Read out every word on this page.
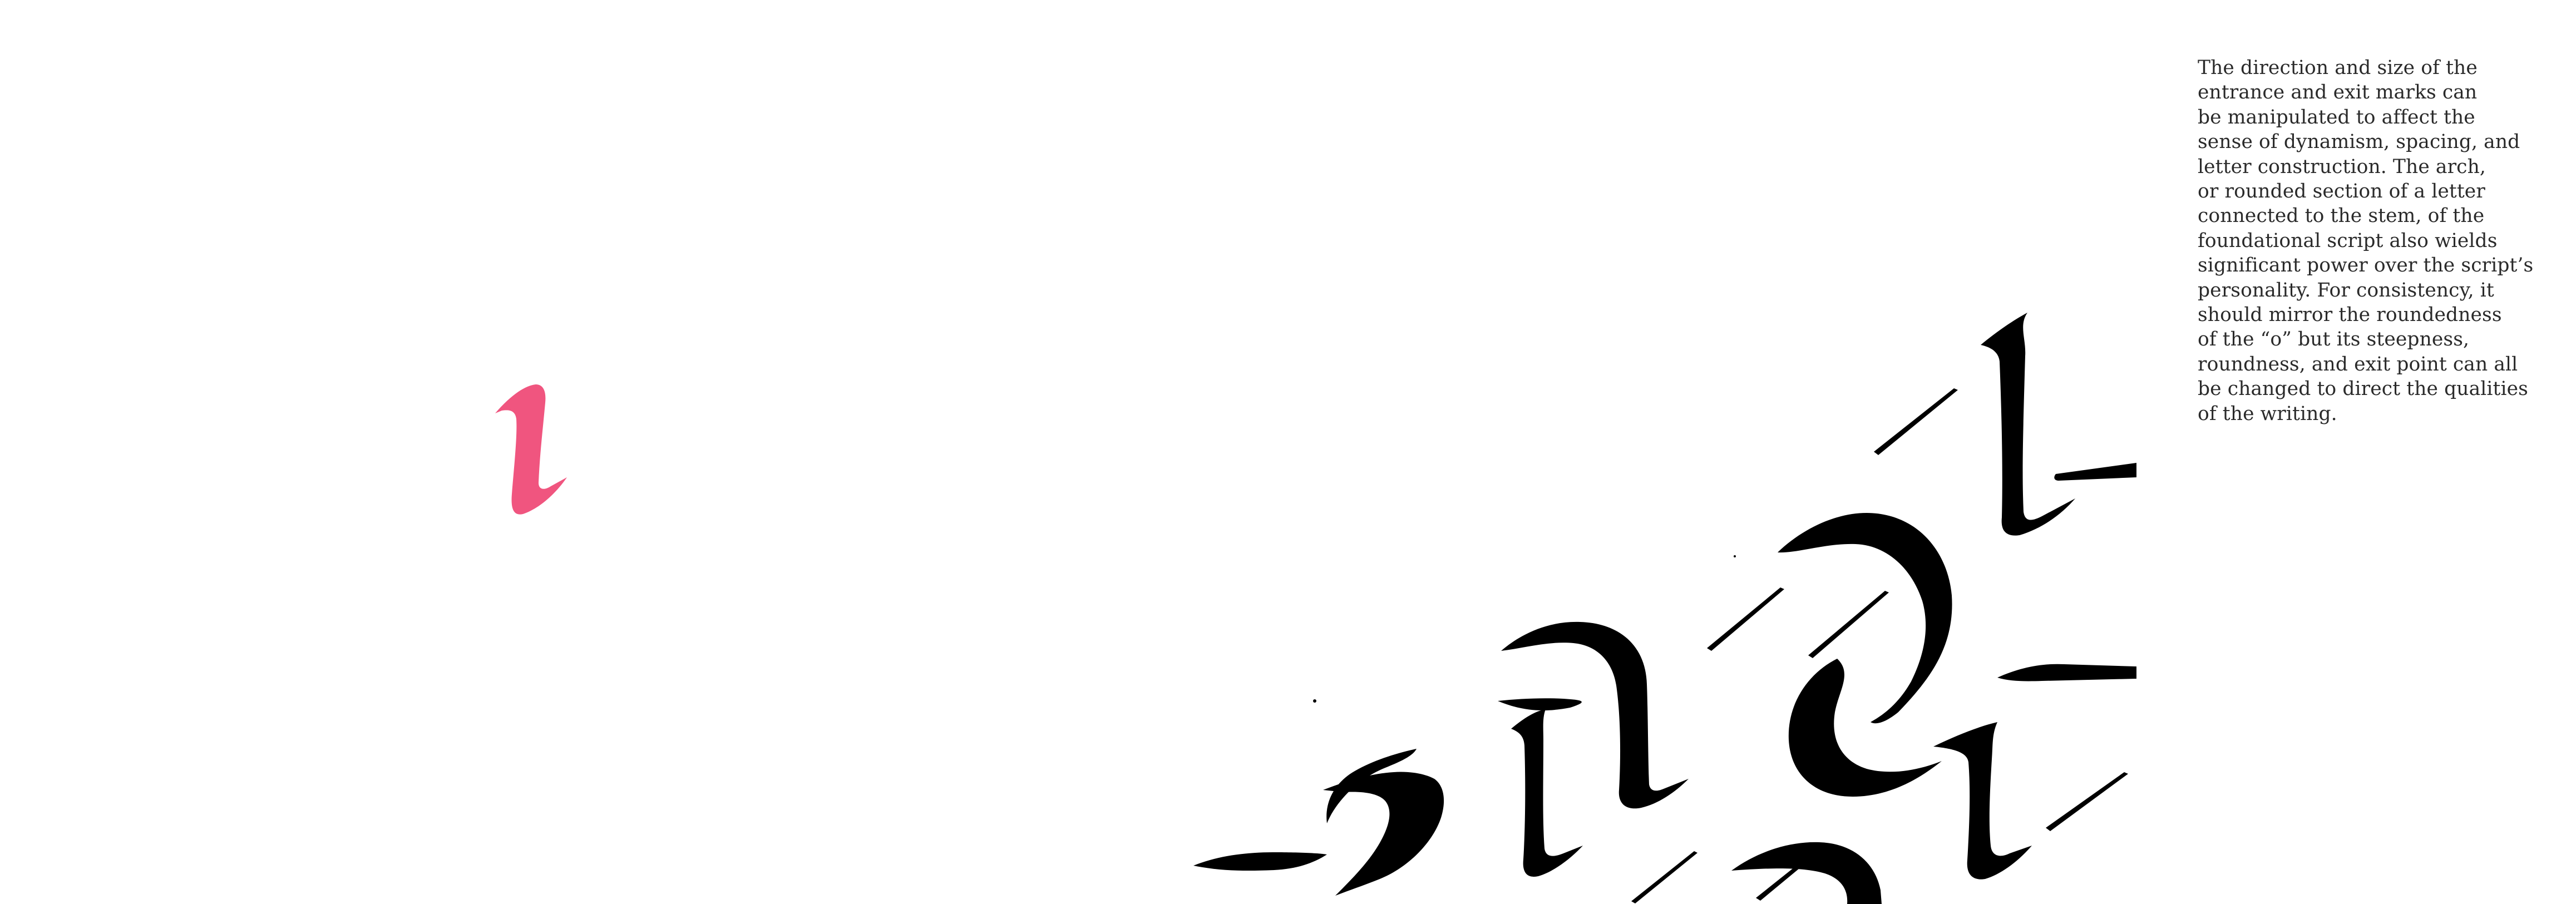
The direction and size of the
entrance and exit marks can
be manipulated to affect the
sense of dynamism, spacing, and
letter construction. The arch,
or rounded section of a letter
connected to the stem, of the
foundational script also wields
significant power over the script’s
personality. For consistency, it
should mirror the roundedness
of the “o” but its steepness,
roundness, and exit point can all
be changed to direct the qualities
of the writing.
